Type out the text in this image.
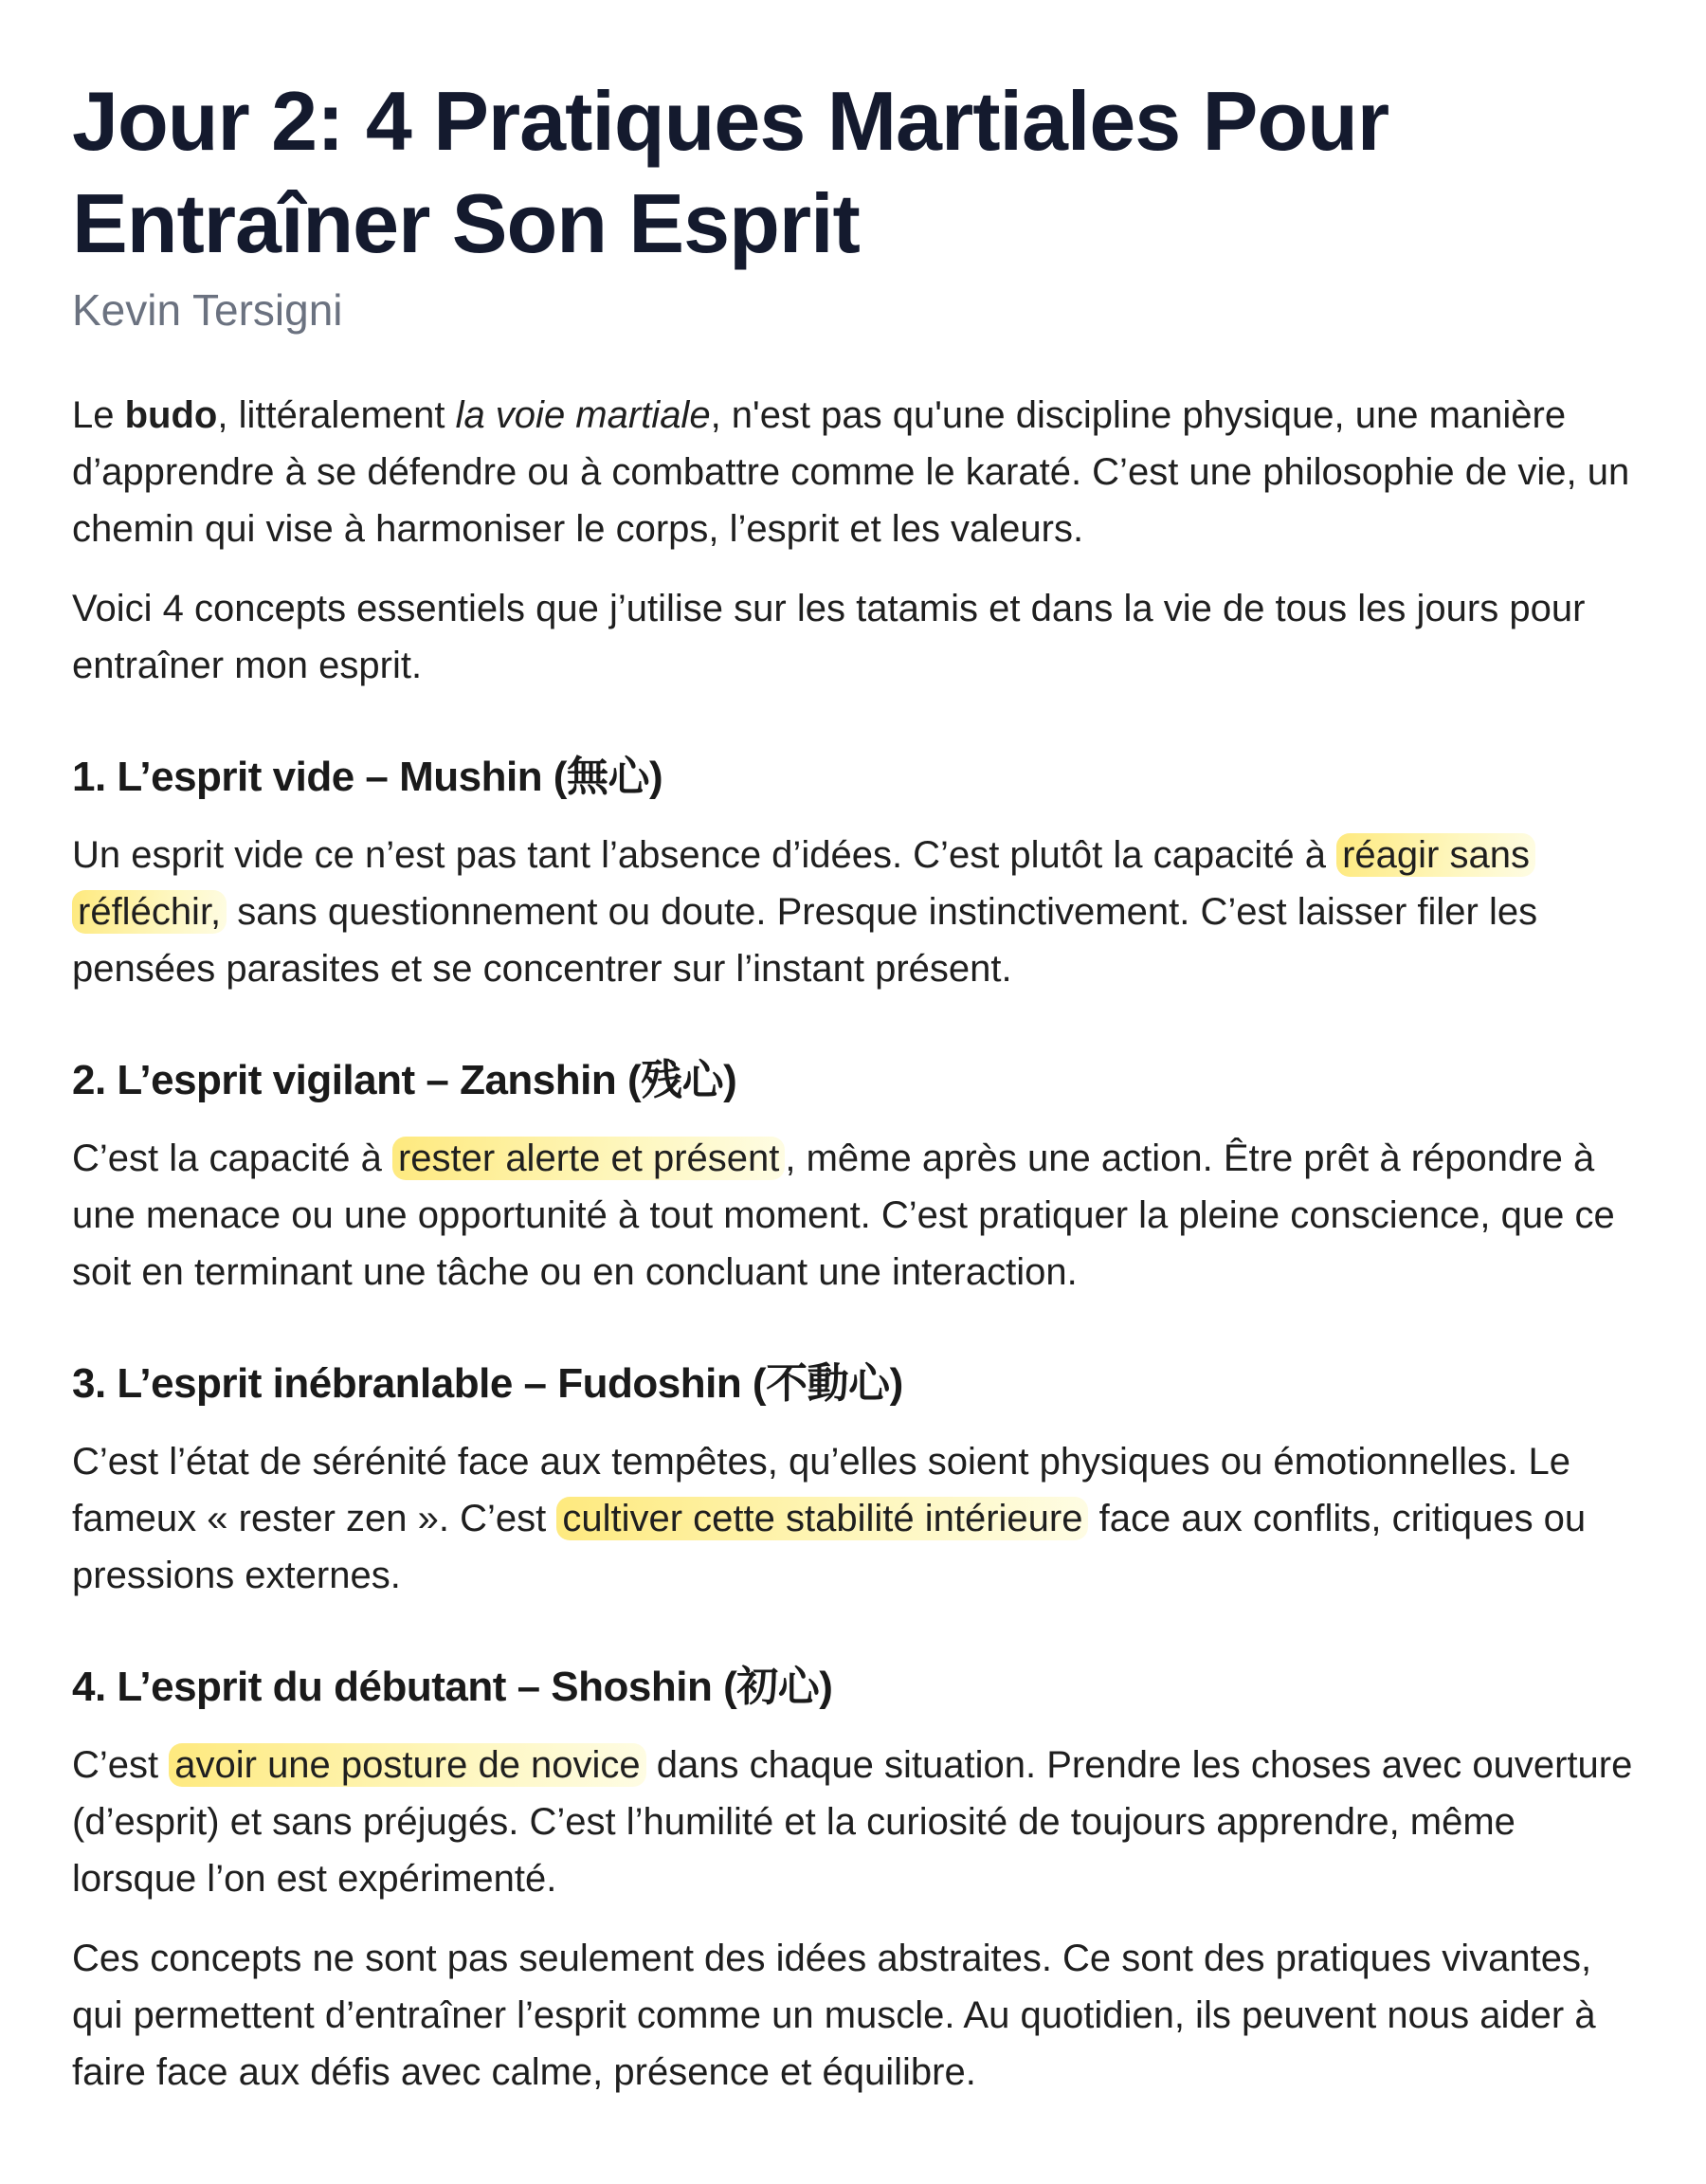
Jour 2: 4 Pratiques Martiales Pour Entraîner Son Esprit
Kevin Tersigni

Le budo, littéralement la voie martiale, n'est pas qu'une discipline physique, une manière d’apprendre à se défendre ou à combattre comme le karaté. C’est une philosophie de vie, un chemin qui vise à harmoniser le corps, l’esprit et les valeurs.

Voici 4 concepts essentiels que j’utilise sur les tatamis et dans la vie de tous les jours pour entraîner mon esprit.

1. L’esprit vide – Mushin (無心)

Un esprit vide ce n’est pas tant l’absence d’idées. C’est plutôt la capacité à réagir sans réfléchir, sans questionnement ou doute. Presque instinctivement. C’est laisser filer les pensées parasites et se concentrer sur l’instant présent.

2. L’esprit vigilant – Zanshin (残心)

C’est la capacité à rester alerte et présent , même après une action. Être prêt à répondre à une menace ou une opportunité à tout moment. C’est pratiquer la pleine conscience, que ce soit en terminant une tâche ou en concluant une interaction.

3. L’esprit inébranlable – Fudoshin (不動心)

C’est l’état de sérénité face aux tempêtes, qu’elles soient physiques ou émotionnelles. Le fameux « rester zen ». C’est cultiver cette stabilité intérieure face aux conflits, critiques ou pressions externes.

4. L’esprit du débutant – Shoshin (初心)

C’est avoir une posture de novice dans chaque situation. Prendre les choses avec ouverture (d’esprit) et sans préjugés. C’est l’humilité et la curiosité de toujours apprendre, même lorsque l’on est expérimenté.

Ces concepts ne sont pas seulement des idées abstraites. Ce sont des pratiques vivantes, qui permettent d’entraîner l’esprit comme un muscle. Au quotidien, ils peuvent nous aider à faire face aux défis avec calme, présence et équilibre.
